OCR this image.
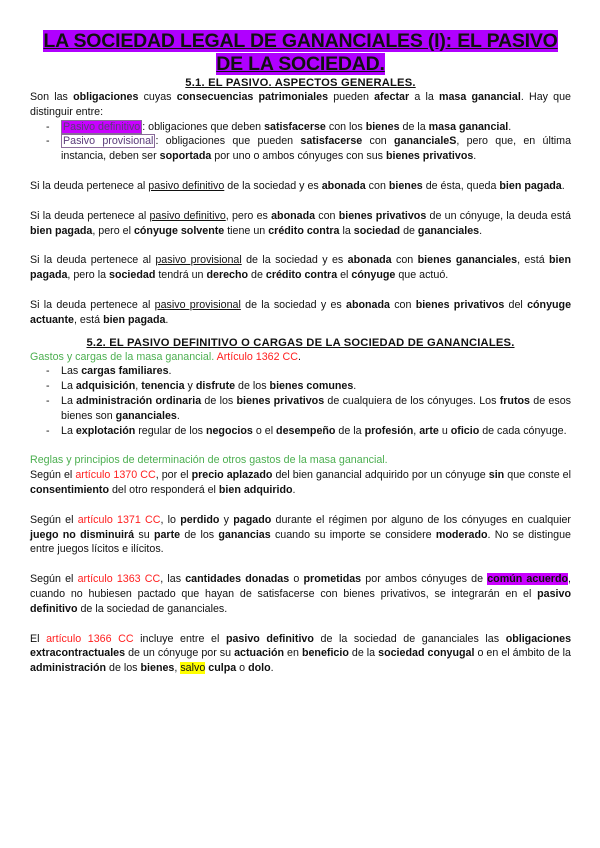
LA SOCIEDAD LEGAL DE GANANCIALES (I): EL PASIVO
DE LA SOCIEDAD.
5.1. EL PASIVO. ASPECTOS GENERALES.

Son las obligaciones cuyas consecuencias patrimoniales pueden afectar a la masa ganancial. Hay que distinguir entre:

- Pasivo definitivo : obligaciones que deben satisfacerse con los bienes de la masa ganancial.

- Pasivo provisional : obligaciones que pueden satisfacerse con ganancialeS, pero que, en última instancia, deben ser soportada por uno o ambos cónyuges con sus bienes privativos.

Si la deuda pertenece al pasivo definitivo de la sociedad y es abonada con bienes de ésta, queda bien pagada.

Si la deuda pertenece al pasivo definitivo, pero es abonada con bienes privativos de un cónyuge, la deuda está bien pagada, pero el cónyuge solvente tiene un crédito contra la sociedad de gananciales.

Si la deuda pertenece al pasivo provisional de la sociedad y es abonada con bienes gananciales, está bien pagada, pero la sociedad tendrá un derecho de crédito contra el cónyuge que actuó.

Si la deuda pertenece al pasivo provisional de la sociedad y es abonada con bienes privativos del cónyuge actuante, está bien pagada.

5.2. EL PASIVO DEFINITIVO O CARGAS DE LA SOCIEDAD DE GANANCIALES.

Gastos y cargas de la masa ganancial. Artículo 1362 CC.

- Las cargas familiares.

- La adquisición, tenencia y disfrute de los bienes comunes.

- La administración ordinaria de los bienes privativos de cualquiera de los cónyuges. Los frutos de esos bienes son gananciales.

- La explotación regular de los negocios o el desempeño de la profesión, arte u oficio de cada cónyuge.

Reglas y principios de determinación de otros gastos de la masa ganancial.

Según el artículo 1370 CC, por el precio aplazado del bien ganancial adquirido por un cónyuge sin que conste el consentimiento del otro responderá el bien adquirido.

Según el artículo 1371 CC, lo perdido y pagado durante el régimen por alguno de los cónyuges en cualquier juego no disminuirá su parte de los ganancias cuando su importe se considere moderado. No se distingue entre juegos lícitos e ilícitos.

Según el artículo 1363 CC, las cantidades donadas o prometidas por ambos cónyuges de común acuerdo, cuando no hubiesen pactado que hayan de satisfacerse con bienes privativos, se integrarán en el pasivo definitivo de la sociedad de gananciales.

El artículo 1366 CC incluye entre el pasivo definitivo de la sociedad de gananciales las obligaciones extracontractuales de un cónyuge por su actuación en beneficio de la sociedad conyugal o en el ámbito de la administración de los bienes, salvo culpa o dolo.
